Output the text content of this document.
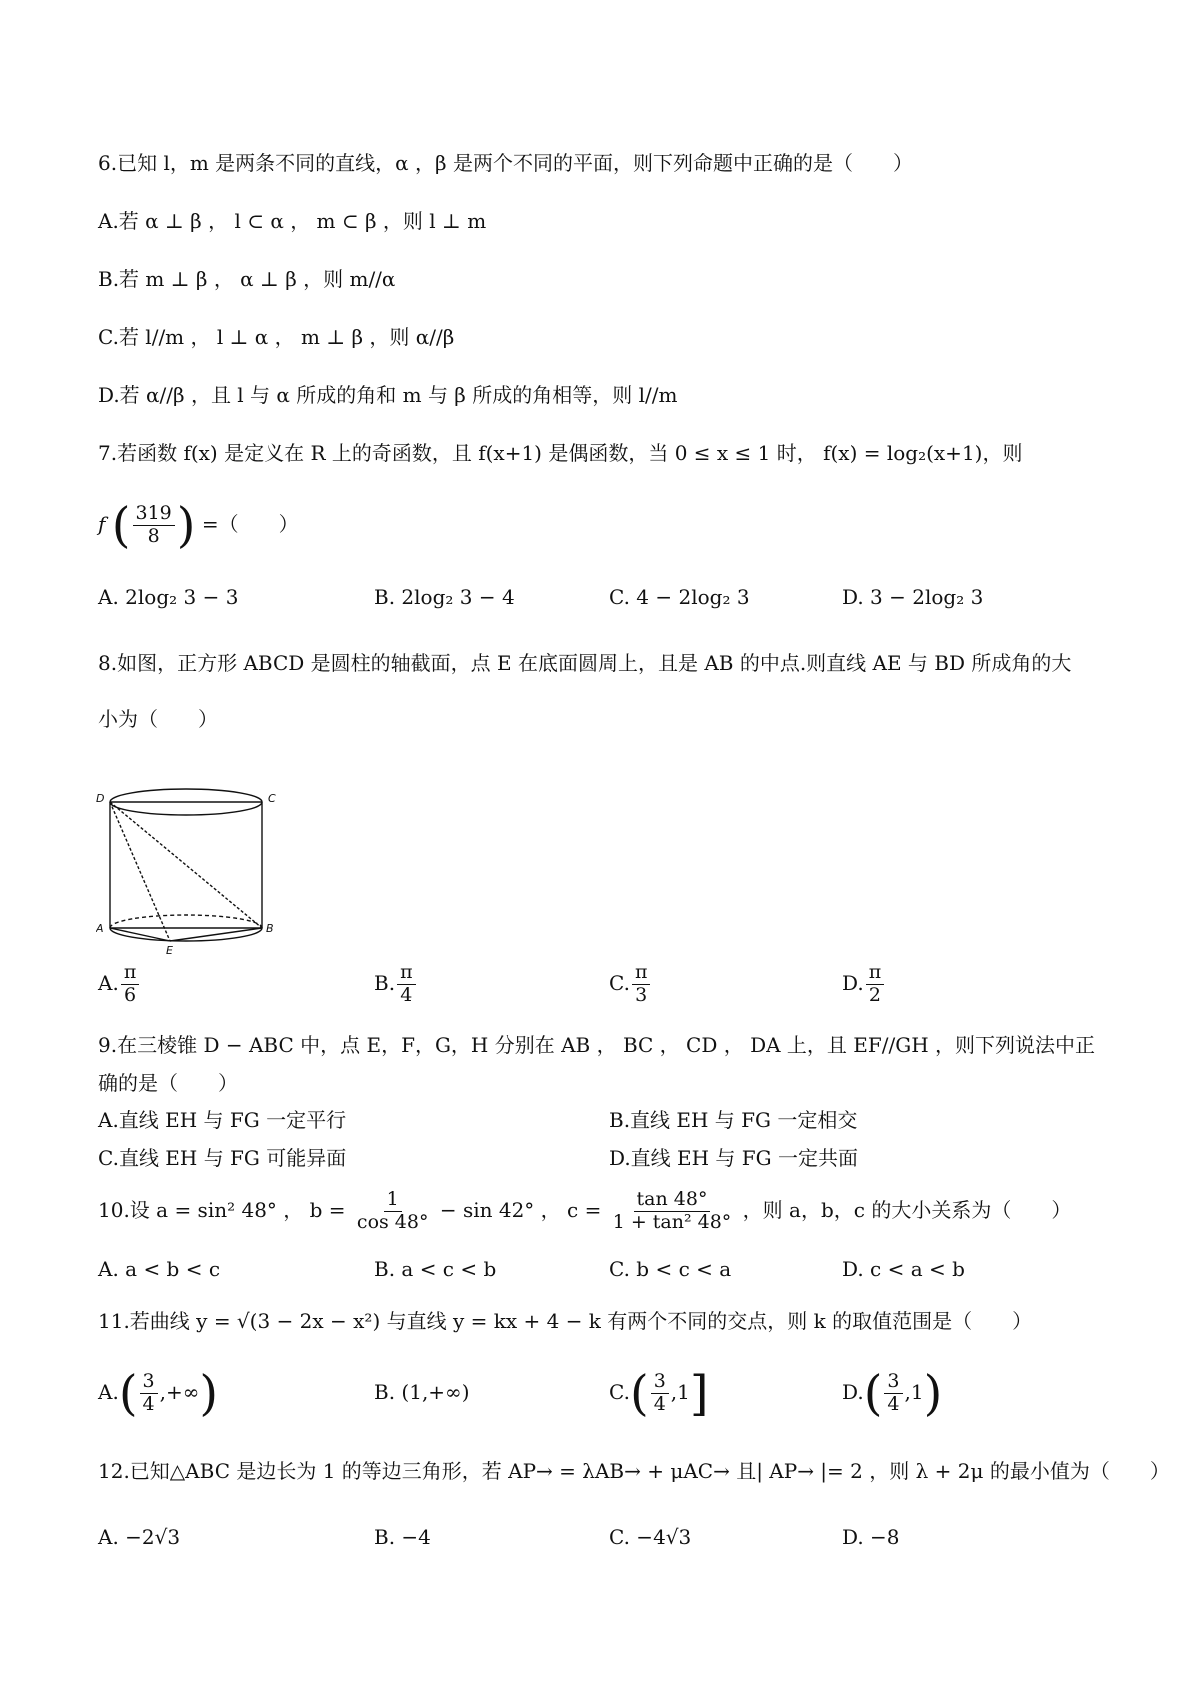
6.已知 l，m 是两条不同的直线，α ，β 是两个不同的平面，则下列命题中正确的是（　　）
A.若 α ⊥ β ， l ⊂ α ， m ⊂ β ，则 l ⊥ m
B.若 m ⊥ β ， α ⊥ β ，则 m//α
C.若 l//m ， l ⊥ α ， m ⊥ β ，则 α//β
D.若 α//β ，且 l 与 α 所成的角和 m 与 β 所成的角相等，则 l//m
7.若函数 f(x) 是定义在 R 上的奇函数，且 f(x+1) 是偶函数，当 0 ≤ x ≤ 1 时， f(x) = log₂(x+1)，则
f ( $\frac{319}{8}$ ) =（　　）
A. 2log₂ 3 − 3	B. 2log₂ 3 − 4	C. 4 − 2log₂ 3	D. 3 − 2log₂ 3
8.如图，正方形 ABCD 是圆柱的轴截面，点 E 在底面圆周上，且是 AB 的中点.则直线 AE 与 BD 所成角的大
小为（　　）
D	C
A	B
E
A. $\frac{\pi}{6}$	B. $\frac{\pi}{4}$	C. $\frac{\pi}{3}$	D. $\frac{\pi}{2}$
9.在三棱锥 D − ABC 中，点 E，F，G，H 分别在 AB ， BC ， CD ， DA 上，且 EF//GH ，则下列说法中正
确的是（　　）
A.直线 EH 与 FG 一定平行	B.直线 EH 与 FG 一定相交
C.直线 EH 与 FG 可能异面	D.直线 EH 与 FG 一定共面
10.设 a = sin² 48° ， $b = \frac{1}{\cos 48^\circ} - \sin 42^\circ$ ， $c = \frac{\tan 48^\circ}{\text{1 + tan² 48°}}$ ，则 a，b，c 的大小关系为（　　）
A. a < b < c	B. a < c < b	C. b < c < a	D. c < a < b
11.若曲线 y = √(3 − 2x − x²) 与直线 y = kx + 4 − k 有两个不同的交点，则 k 的取值范围是（　　）
$A.( \frac{3}{4}$ ,+∞)	B. (1,+∞)	$C.( \frac{3}{4} ,1]$	$D.( \frac{3}{4} ,1)$
12.已知△ABC 是边长为 1 的等边三角形，若 AP→ = λAB→ + μAC→ 且| AP→ |= 2 ，则 λ + 2μ 的最小值为（　　）
A. −2√3	B. −4	C. −4√3	D. −8
